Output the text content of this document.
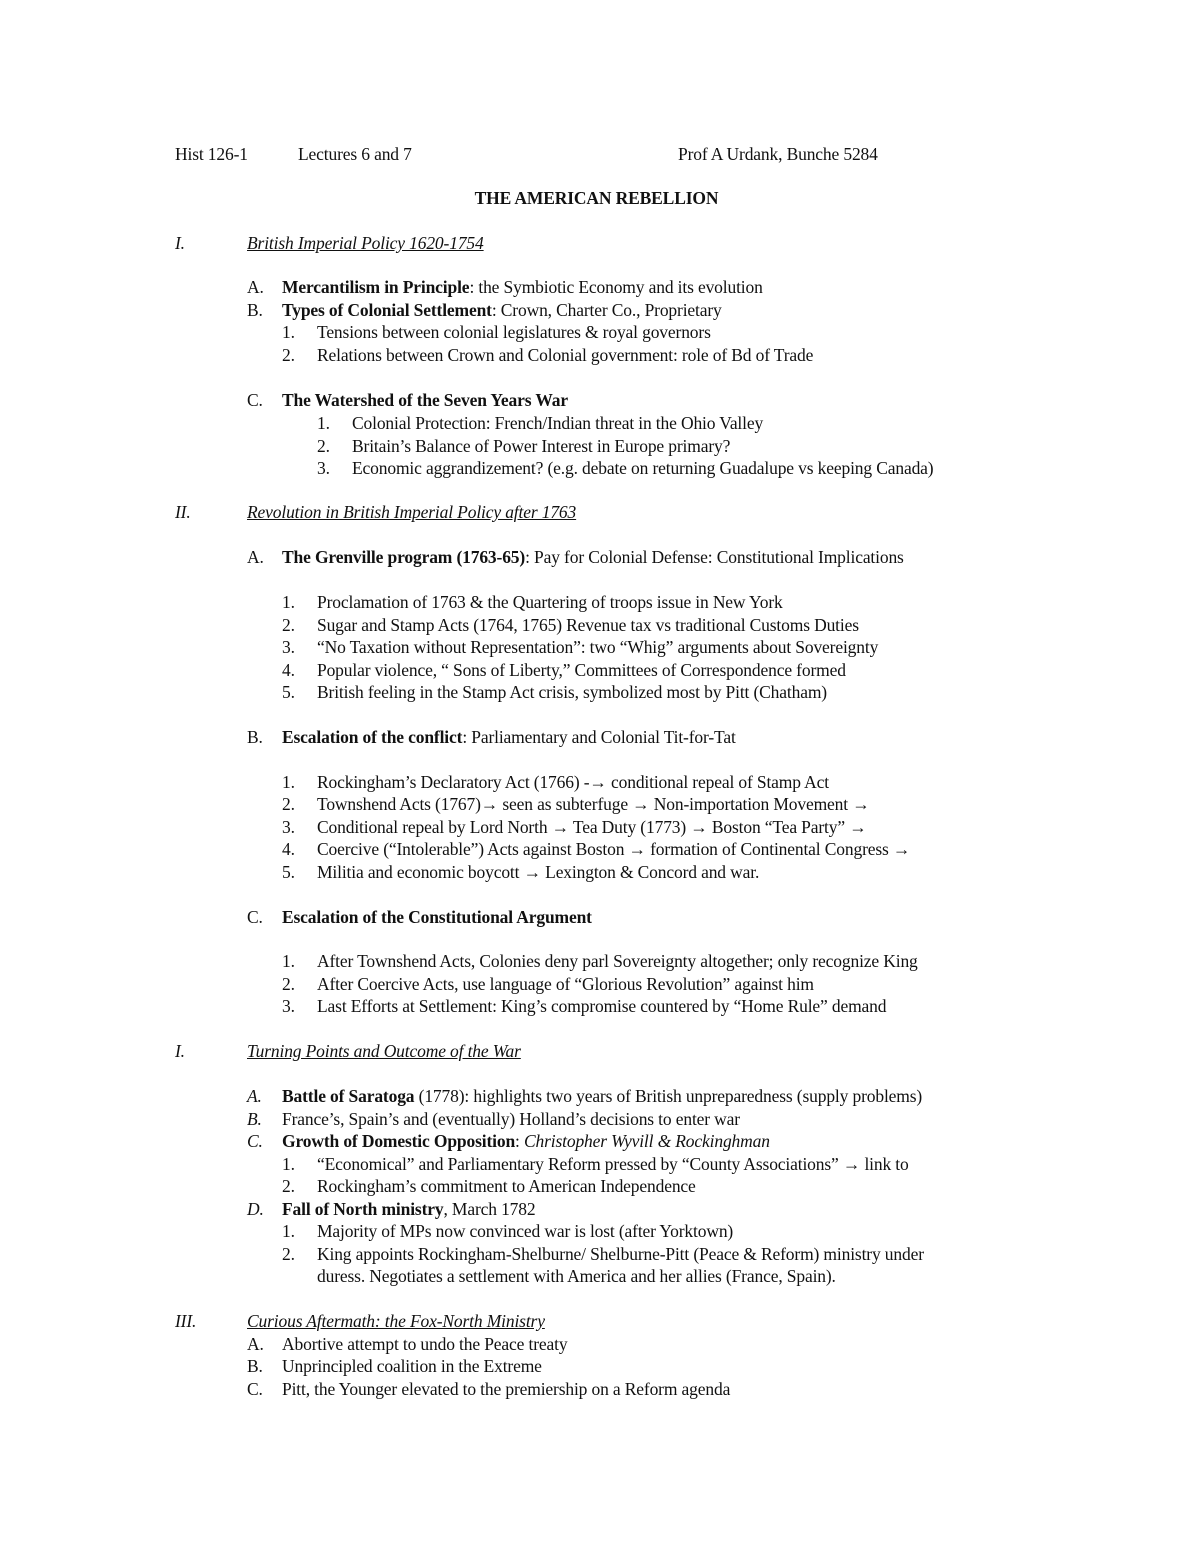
Hist 126-1	Lectures 6 and 7	Prof A Urdank, Bunche 5284
THE AMERICAN REBELLION
I.	British Imperial Policy 1620-1754
A. Mercantilism in Principle: the Symbiotic Economy and its evolution
B. Types of Colonial Settlement: Crown, Charter Co., Proprietary
1. Tensions between colonial legislatures & royal governors
2. Relations between Crown and Colonial government: role of Bd of Trade
C. The Watershed of the Seven Years War
1. Colonial Protection: French/Indian threat in the Ohio Valley
2. Britain’s Balance of Power Interest in Europe primary?
3. Economic aggrandizement? (e.g. debate on returning Guadalupe vs keeping Canada)
II.	Revolution in British Imperial Policy after 1763
A. The Grenville program (1763-65): Pay for Colonial Defense: Constitutional Implications
1. Proclamation of 1763 & the Quartering of troops issue in New York
2. Sugar and Stamp Acts (1764, 1765) Revenue tax vs traditional Customs Duties
3. “No Taxation without Representation”: two “Whig” arguments about Sovereignty
4. Popular violence, “ Sons of Liberty,” Committees of Correspondence formed
5. British feeling in the Stamp Act crisis, symbolized most by Pitt (Chatham)
B. Escalation of the conflict: Parliamentary and Colonial Tit-for-Tat
1. Rockingham’s Declaratory Act (1766) -→ conditional repeal of Stamp Act
2. Townshend Acts (1767)→ seen as subterfuge → Non-importation Movement →
3. Conditional repeal by Lord North → Tea Duty (1773) → Boston “Tea Party” →
4. Coercive (“Intolerable”) Acts against Boston → formation of Continental Congress →
5. Militia and economic boycott → Lexington & Concord and war.
C. Escalation of the Constitutional Argument
1. After Townshend Acts, Colonies deny parl Sovereignty altogether; only recognize King
2. After Coercive Acts, use language of “Glorious Revolution” against him
3. Last Efforts at Settlement: King’s compromise countered by “Home Rule” demand
I.	Turning Points and Outcome of the War
A. Battle of Saratoga (1778): highlights two years of British unpreparedness (supply problems)
B. France’s, Spain’s and (eventually) Holland’s decisions to enter war
C. Growth of Domestic Opposition: Christopher Wyvill & Rockinghman
1. “Economical” and Parliamentary Reform pressed by “County Associations” → link to
2. Rockingham’s commitment to American Independence
D. Fall of North ministry, March 1782
1. Majority of MPs now convinced war is lost (after Yorktown)
2. King appoints Rockingham-Shelburne/ Shelburne-Pitt (Peace & Reform) ministry under
duress. Negotiates a settlement with America and her allies (France, Spain).
III.	Curious Aftermath: the Fox-North Ministry
A. Abortive attempt to undo the Peace treaty
B. Unprincipled coalition in the Extreme
C. Pitt, the Younger elevated to the premiership on a Reform agenda
